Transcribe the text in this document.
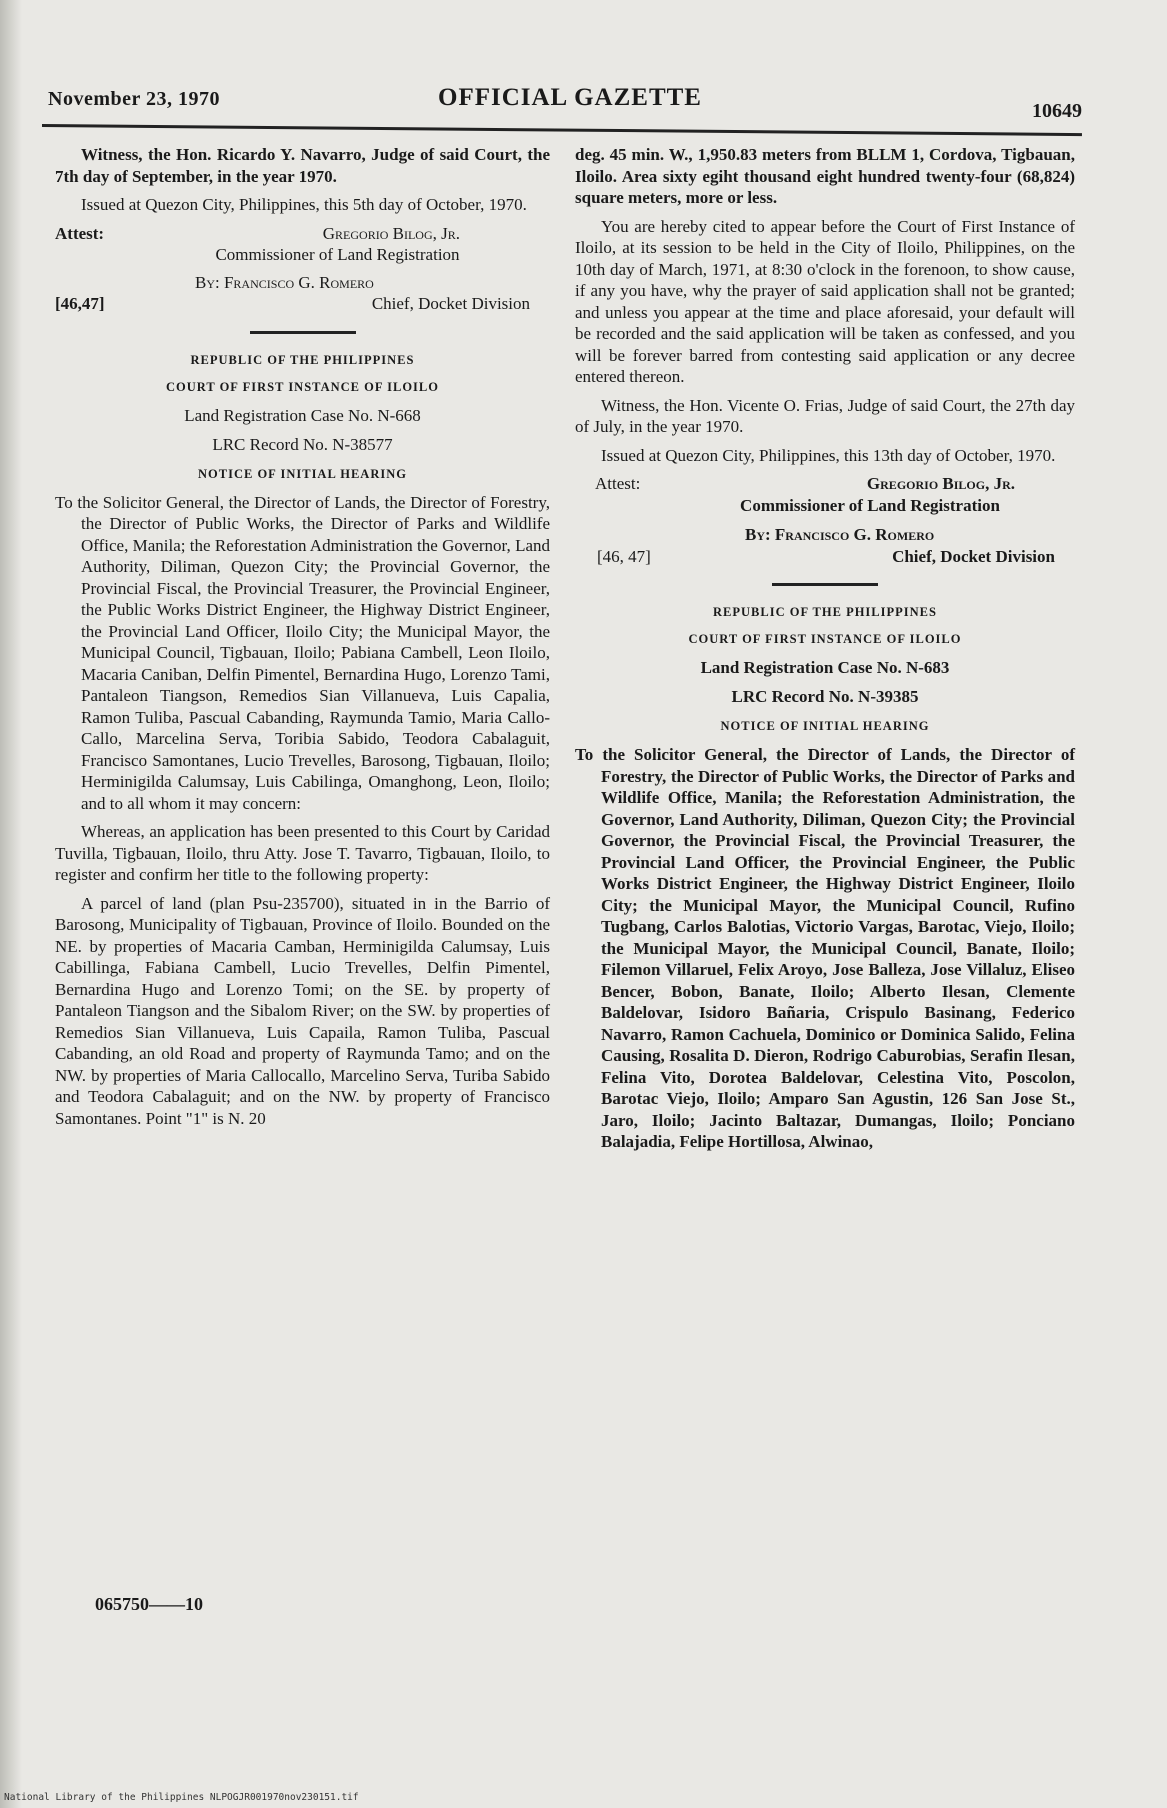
November 23, 1970	OFFICIAL GAZETTE	10649

Witness, the Hon. Ricardo Y. Navarro, Judge of said Court, the 7th day of September, in the year 1970.

Issued at Quezon City, Philippines, this 5th day of October, 1970.

Attest:	Gregorio Bilog, Jr.

Commissioner of Land Registration

By: Francisco G. Romero

[46,47]	Chief, Docket Division

REPUBLIC OF THE PHILIPPINES

COURT OF FIRST INSTANCE OF ILOILO

Land Registration Case No. N-668

LRC Record No. N-38577

NOTICE OF INITIAL HEARING

To the Solicitor General, the Director of Lands, the Director of Forestry, the Director of Public Works, the Director of Parks and Wildlife Office, Manila; the Reforestation Administration the Governor, Land Authority, Diliman, Quezon City; the Provincial Governor, the Provincial Fiscal, the Provincial Treasurer, the Provincial Engineer, the Public Works District Engineer, the Highway District Engineer, the Provincial Land Officer, Iloilo City; the Municipal Mayor, the Municipal Council, Tigbauan, Iloilo; Pabiana Cambell, Leon Iloilo, Macaria Caniban, Delfin Pimentel, Bernardina Hugo, Lorenzo Tami, Pantaleon Tiangson, Remedios Sian Villanueva, Luis Capalia, Ramon Tuliba, Pascual Cabanding, Raymunda Tamio, Maria Callo-Callo, Marcelina Serva, Toribia Sabido, Teodora Cabalaguit, Francisco Samontanes, Lucio Trevelles, Barosong, Tigbauan, Iloilo; Herminigilda Calumsay, Luis Cabilinga, Omanghong, Leon, Iloilo; and to all whom it may concern:

Whereas, an application has been presented to this Court by Caridad Tuvilla, Tigbauan, Iloilo, thru Atty. Jose T. Tavarro, Tigbauan, Iloilo, to register and confirm her title to the following property:

A parcel of land (plan Psu-235700), situated in in the Barrio of Barosong, Municipality of Tigbauan, Province of Iloilo. Bounded on the NE. by properties of Macaria Camban, Herminigilda Calumsay, Luis Cabillinga, Fabiana Cambell, Lucio Trevelles, Delfin Pimentel, Bernardina Hugo and Lorenzo Tomi; on the SE. by property of Pantaleon Tiangson and the Sibalom River; on the SW. by properties of Remedios Sian Villanueva, Luis Capaila, Ramon Tuliba, Pascual Cabanding, an old Road and property of Raymunda Tamo; and on the NW. by properties of Maria Callocallo, Marcelino Serva, Turiba Sabido and Teodora Cabalaguit; and on the NW. by property of Francisco Samontanes. Point "1" is N. 20

065750——10

deg. 45 min. W., 1,950.83 meters from BLLM 1, Cordova, Tigbauan, Iloilo. Area sixty egiht thousand eight hundred twenty-four (68,824) square meters, more or less.

You are hereby cited to appear before the Court of First Instance of Iloilo, at its session to be held in the City of Iloilo, Philippines, on the 10th day of March, 1971, at 8:30 o'clock in the forenoon, to show cause, if any you have, why the prayer of said application shall not be granted; and unless you appear at the time and place aforesaid, your default will be recorded and the said application will be taken as confessed, and you will be forever barred from contesting said application or any decree entered thereon.

Witness, the Hon. Vicente O. Frias, Judge of said Court, the 27th day of July, in the year 1970.

Issued at Quezon City, Philippines, this 13th day of October, 1970.

Attest:	Gregorio Bilog, Jr.

Commissioner of Land Registration

By: Francisco G. Romero

[46, 47]	Chief, Docket Division

REPUBLIC OF THE PHILIPPINES

COURT OF FIRST INSTANCE OF ILOILO

Land Registration Case No. N-683

LRC Record No. N-39385

NOTICE OF INITIAL HEARING

To the Solicitor General, the Director of Lands, the Director of Forestry, the Director of Public Works, the Director of Parks and Wildlife Office, Manila; the Reforestation Administration, the Governor, Land Authority, Diliman, Quezon City; the Provincial Governor, the Provincial Fiscal, the Provincial Treasurer, the Provincial Land Officer, the Provincial Engineer, the Public Works District Engineer, the Highway District Engineer, Iloilo City; the Municipal Mayor, the Municipal Council, Rufino Tugbang, Carlos Balotias, Victorio Vargas, Barotac, Viejo, Iloilo; the Municipal Mayor, the Municipal Council, Banate, Iloilo; Filemon Villaruel, Felix Aroyo, Jose Balleza, Jose Villaluz, Eliseo Bencer, Bobon, Banate, Iloilo; Alberto Ilesan, Clemente Baldelovar, Isidoro Bañaria, Crispulo Basinang, Federico Navarro, Ramon Cachuela, Dominico or Dominica Salido, Felina Causing, Rosalita D. Dieron, Rodrigo Caburobias, Serafin Ilesan, Felina Vito, Dorotea Baldelovar, Celestina Vito, Poscolon, Barotac Viejo, Iloilo; Amparo San Agustin, 126 San Jose St., Jaro, Iloilo; Jacinto Baltazar, Dumangas, Iloilo; Ponciano Balajadia, Felipe Hortillosa, Alwinao,

National Library of the Philippines NLPOGJR001970nov230151.tif
